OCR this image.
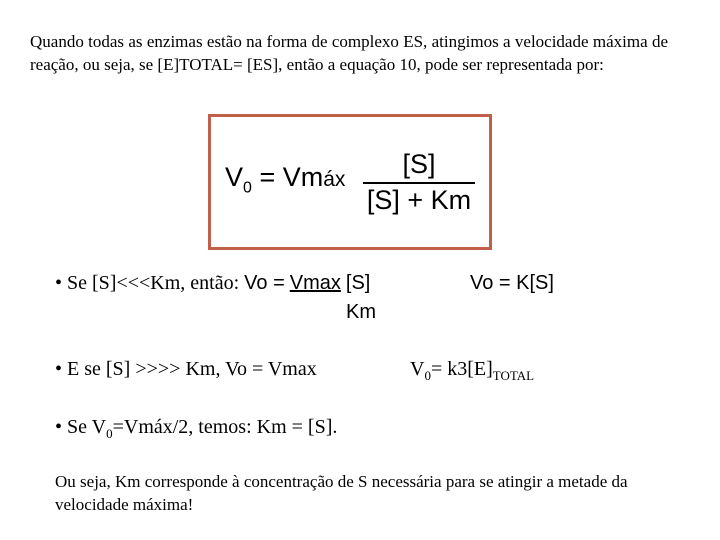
Quando todas as enzimas estão na forma de complexo ES, atingimos a velocidade máxima de reação, ou seja, se [E]TOTAL= [ES], então a equação 10, pode ser representada por:
$V_0$ = Vmáx $\frac{[S]}{[S] + Km}$
• Se [S]<<<Km, então: Vo = Vmax [S]
Km
Vo = K[S]
• E se [S] >>>> Km, Vo = Vmax	$V_0= k3[E]_{TOTAL}$
• Se $V_0=Vmáx/2$, temos: Km = [S].
Ou seja, Km corresponde à concentração de S necessária para se atingir a metade da velocidade máxima!
